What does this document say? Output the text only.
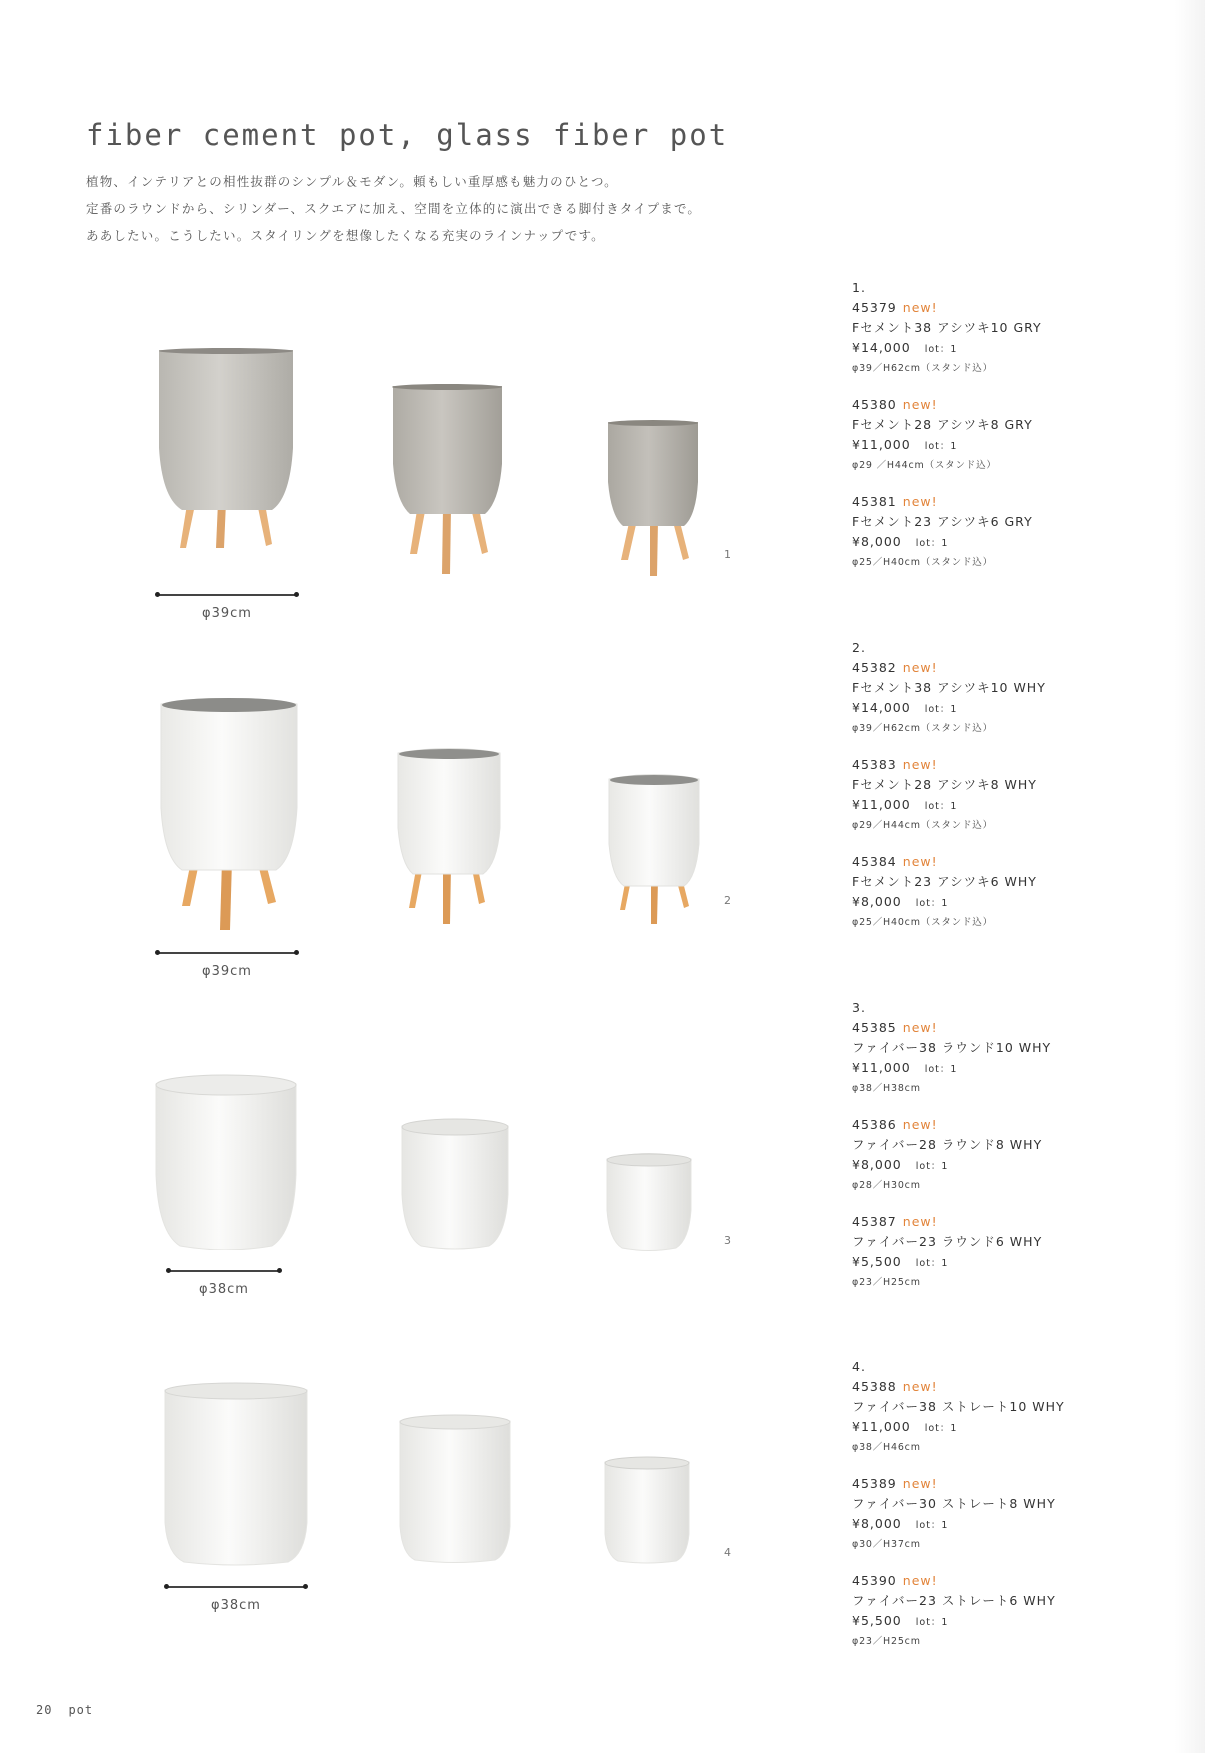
fiber cement pot, glass fiber pot
植物、インテリアとの相性抜群のシンプル＆モダン。頼もしい重厚感も魅力のひとつ。
定番のラウンドから、シリンダー、スクエアに加え、空間を立体的に演出できる脚付きタイプまで。
ああしたい。こうしたい。スタイリングを想像したくなる充実のラインナップです。
1
φ39cm
2
φ39cm
3
φ38cm
4
φ38cm
1.
45379 new!
Fセメント38 アシツキ10 GRY
¥14,000 lot：1
φ39／H62cm（スタンド込）
45380 new!
Fセメント28 アシツキ8 GRY
¥11,000 lot：1
φ29 ／H44cm（スタンド込）
45381 new!
Fセメント23 アシツキ6 GRY
¥8,000 lot：1
φ25／H40cm（スタンド込）
2.
45382 new!
Fセメント38 アシツキ10 WHY
¥14,000 lot：1
φ39／H62cm（スタンド込）
45383 new!
Fセメント28 アシツキ8 WHY
¥11,000 lot：1
φ29／H44cm（スタンド込）
45384 new!
Fセメント23 アシツキ6 WHY
¥8,000 lot：1
φ25／H40cm（スタンド込）
3.
45385 new!
ファイバー38 ラウンド10 WHY
¥11,000 lot：1
φ38／H38cm
45386 new!
ファイバー28 ラウンド8 WHY
¥8,000 lot：1
φ28／H30cm
45387 new!
ファイバー23 ラウンド6 WHY
¥5,500 lot：1
φ23／H25cm
4.
45388 new!
ファイバー38 ストレート10 WHY
¥11,000 lot：1
φ38／H46cm
45389 new!
ファイバー30 ストレート8 WHY
¥8,000 lot：1
φ30／H37cm
45390 new!
ファイバー23 ストレート6 WHY
¥5,500 lot：1
φ23／H25cm
20 pot
